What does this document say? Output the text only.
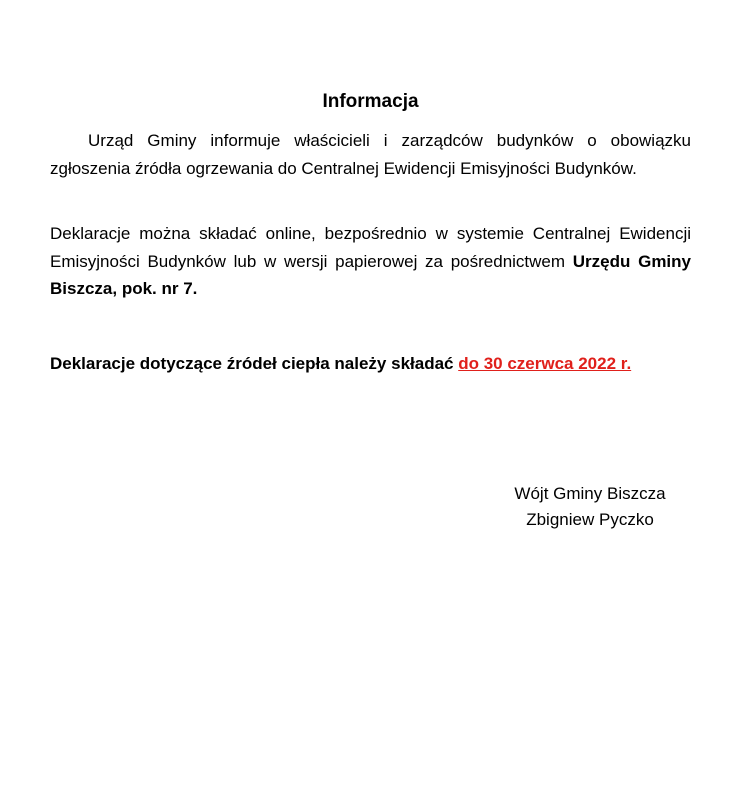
Informacja
Urząd Gminy informuje właścicieli i zarządców budynków o obowiązku zgłoszenia źródła ogrzewania do Centralnej Ewidencji Emisyjności Budynków.
Deklaracje można składać online, bezpośrednio w systemie Centralnej Ewidencji Emisyjności Budynków lub w wersji papierowej za pośrednictwem Urzędu Gminy Biszcza, pok. nr 7.
Deklaracje dotyczące źródeł ciepła należy składać do 30 czerwca 2022 r.
Wójt Gminy Biszcza
Zbigniew Pyczko
